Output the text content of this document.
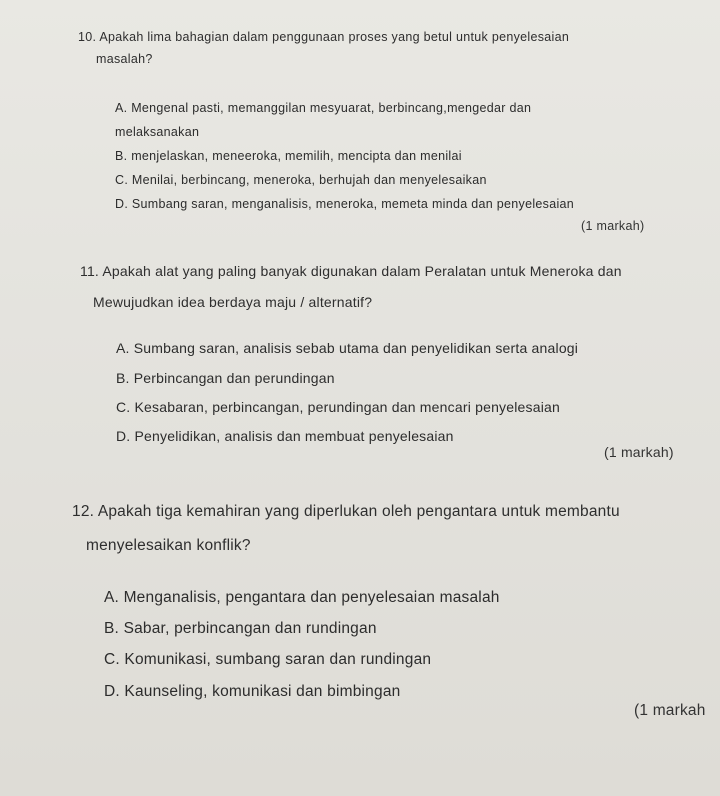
10. Apakah lima bahagian dalam penggunaan proses yang betul untuk penyelesaian
masalah?
A. Mengenal pasti, memanggilan mesyuarat, berbincang,mengedar dan
melaksanakan
B. menjelaskan, meneeroka, memilih, mencipta dan menilai
C. Menilai, berbincang, meneroka, berhujah dan menyelesaikan
D. Sumbang saran, menganalisis, meneroka, memeta minda dan penyelesaian
(1 markah)
11. Apakah alat yang paling banyak digunakan dalam Peralatan untuk Meneroka dan
Mewujudkan idea berdaya maju / alternatif?
A. Sumbang saran, analisis sebab utama dan penyelidikan serta analogi
B. Perbincangan dan perundingan
C. Kesabaran, perbincangan, perundingan dan mencari penyelesaian
D. Penyelidikan, analisis dan membuat penyelesaian
(1 markah)
12. Apakah tiga kemahiran yang diperlukan oleh pengantara untuk membantu
menyelesaikan konflik?
A. Menganalisis, pengantara dan penyelesaian masalah
B. Sabar, perbincangan dan rundingan
C. Komunikasi, sumbang saran dan rundingan
D. Kaunseling, komunikasi dan bimbingan
(1 markah
